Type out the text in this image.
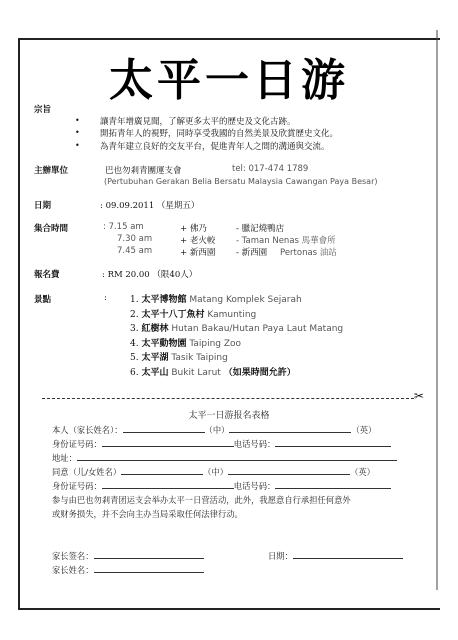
太平一日游
宗旨
• 讓青年增廣見聞，了解更多太平的歷史及文化古跡。
• 開拓青年人的視野，同時享受我國的自然美景及欣賞歷史文化。
• 為青年建立良好的交友平台，促進青年人之間的溝通與交流。
主辦單位	巴也勿剎青團運支會	tel: 017-474 1789
(Pertubuhan Gerakan Belia Bersatu Malaysia Cawangan Paya Besar)
日期	: 09.09.2011 （星期五）
集合時間	: 7.15 am	+ 佛乃	- 臘記燒鴨店
7.30 am	+ 老火較 - Taman Nenas 馬華會所
7.45 am	+ 新西園 - 新西園 Pertonas 油站
報名費	: RM 20.00 （限40人）
景點	:	1. 太平博物館 Matang Komplek Sejarah
2. 太平十八丁魚村 Kamunting
3. 紅樹林 Hutan Bakau/Hutan Paya Laut Matang
4. 太平動物園 Taiping Zoo
5. 太平湖 Tasik Taiping
6. 太平山 Bukit Larut （如果時間允許）
✂
太平一日游报名表格
本人（家长姓名）：	（中）	（英）
身份证号码：	电话号码：
地址：
同意（儿/女姓名）	（中）	（英）
身份证号码：	电话号码：
参与由巴也勿剎青团运支会举办太平一日营活动，此外，我愿意自行承担任何意外
或财务损失，并不会向主办当局采取任何法律行动。
家长签名：	日期：
家长姓名：
